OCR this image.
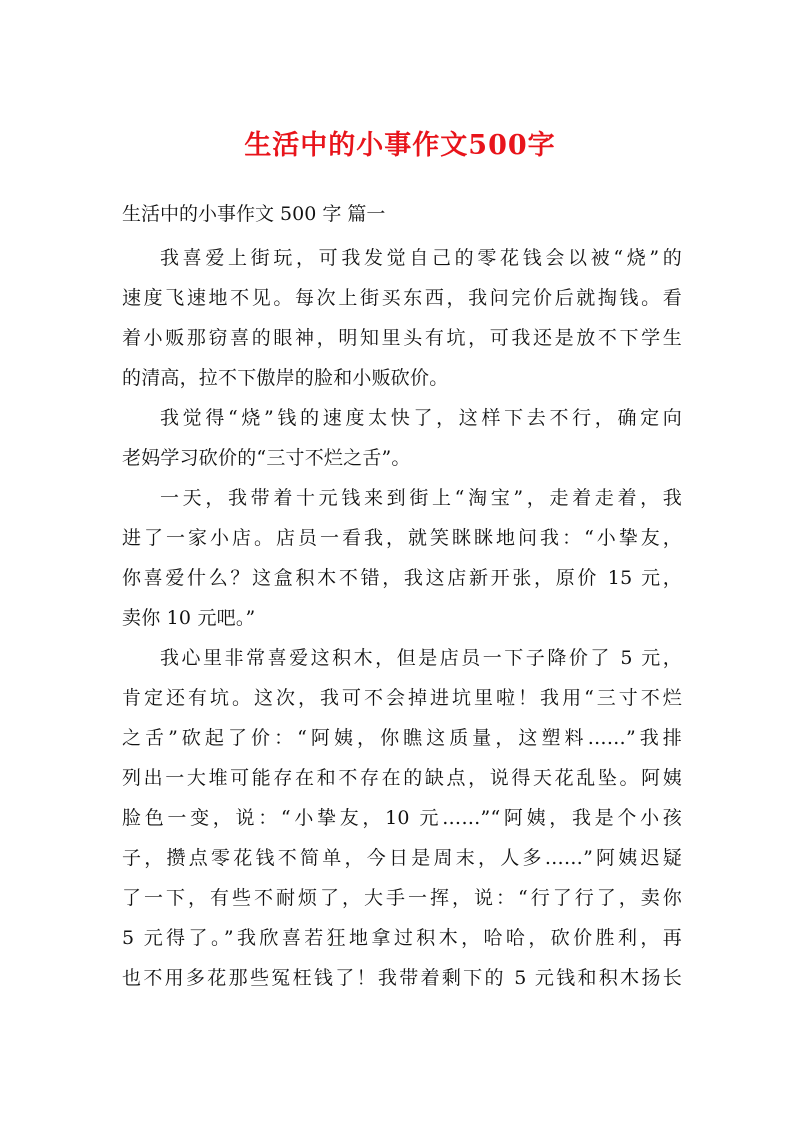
生活中的小事作文500字

生活中的小事作文 500 字 篇一

我喜爱上街玩，可我发觉自己的零花钱会以被“烧”的
速度飞速地不见。每次上街买东西，我问完价后就掏钱。看
着小贩那窃喜的眼神，明知里头有坑，可我还是放不下学生
的清高，拉不下傲岸的脸和小贩砍价。
我觉得“烧”钱的速度太快了，这样下去不行，确定向
老妈学习砍价的“三寸不烂之舌”。
一天，我带着十元钱来到街上“淘宝”，走着走着，我
进了一家小店。店员一看我，就笑眯眯地问我：“小挚友，
你喜爱什么？这盒积木不错，我这店新开张，原价 15 元，
卖你 10 元吧。”
我心里非常喜爱这积木，但是店员一下子降价了 5 元，
肯定还有坑。这次，我可不会掉进坑里啦！我用“三寸不烂
之舌”砍起了价：“阿姨，你瞧这质量，这塑料……”我排
列出一大堆可能存在和不存在的缺点，说得天花乱坠。阿姨
脸色一变，说：“小挚友，10 元……”“阿姨，我是个小孩
子，攒点零花钱不简单，今日是周末，人多……”阿姨迟疑
了一下，有些不耐烦了，大手一挥，说：“行了行了，卖你
5 元得了。”我欣喜若狂地拿过积木，哈哈，砍价胜利，再
也不用多花那些冤枉钱了！我带着剩下的 5 元钱和积木扬长
